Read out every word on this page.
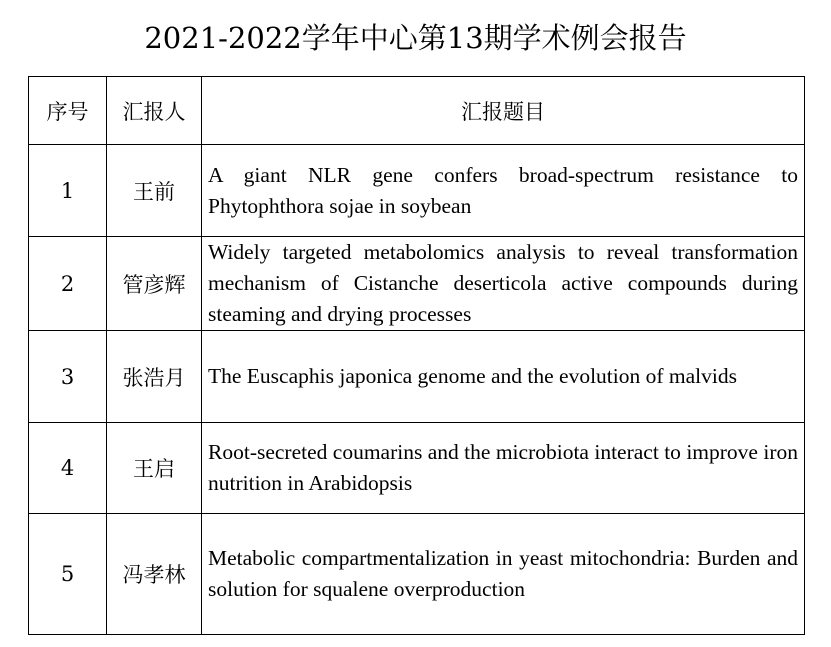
2021-2022学年中心第13期学术例会报告
序号	汇报人	汇报题目
1	王前	A giant NLR gene confers broad-spectrum resistance to Phytophthora sojae in soybean
2	管彦辉	Widely targeted metabolomics analysis to reveal transformation mechanism of Cistanche deserticola active compounds during steaming and drying processes
3	张浩月	The Euscaphis japonica genome and the evolution of malvids
4	王启	Root-secreted coumarins and the microbiota interact to improve iron nutrition in Arabidopsis
5	冯孝林	Metabolic compartmentalization in yeast mitochondria: Burden and solution for squalene overproduction
